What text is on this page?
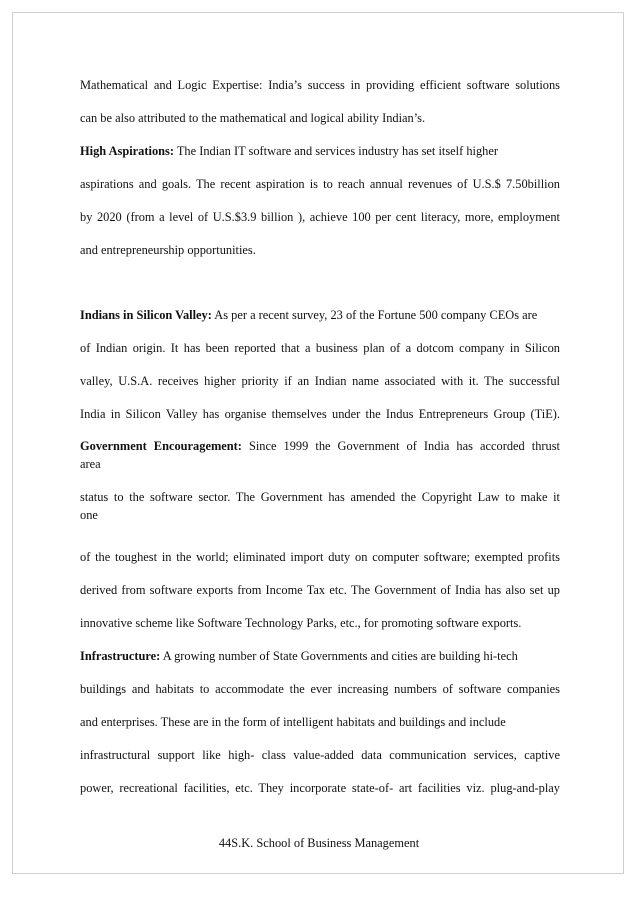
Mathematical and Logic Expertise: India’s success in providing efficient software solutions
can be also attributed to the mathematical and logical ability Indian’s.
High Aspirations: The Indian IT software and services industry has set itself higher
aspirations and goals. The recent aspiration is to reach annual revenues of U.S.$ 7.50billion
by 2020 (from a level of U.S.$3.9 billion ), achieve 100 per cent literacy, more, employment
and entrepreneurship opportunities.
Indians in Silicon Valley: As per a recent survey, 23 of the Fortune 500 company CEOs are
of Indian origin. It has been reported that a business plan of a dotcom company in Silicon
valley, U.S.A. receives higher priority if an Indian name associated with it. The successful
India in Silicon Valley has organise themselves under the Indus Entrepreneurs Group (TiE).
Government Encouragement: Since 1999 the Government of India has accorded thrust
area
status to the software sector. The Government has amended the Copyright Law to make it
one
of the toughest in the world; eliminated import duty on computer software; exempted profits
derived from software exports from Income Tax etc. The Government of India has also set up
innovative scheme like Software Technology Parks, etc., for promoting software exports.
Infrastructure: A growing number of State Governments and cities are building hi-tech
buildings and habitats to accommodate the ever increasing numbers of software companies
and enterprises. These are in the form of intelligent habitats and buildings and include
infrastructural support like high- class value-added data communication services, captive
power, recreational facilities, etc. They incorporate state-of- art facilities viz. plug-and-play
44S.K. School of Business Management
